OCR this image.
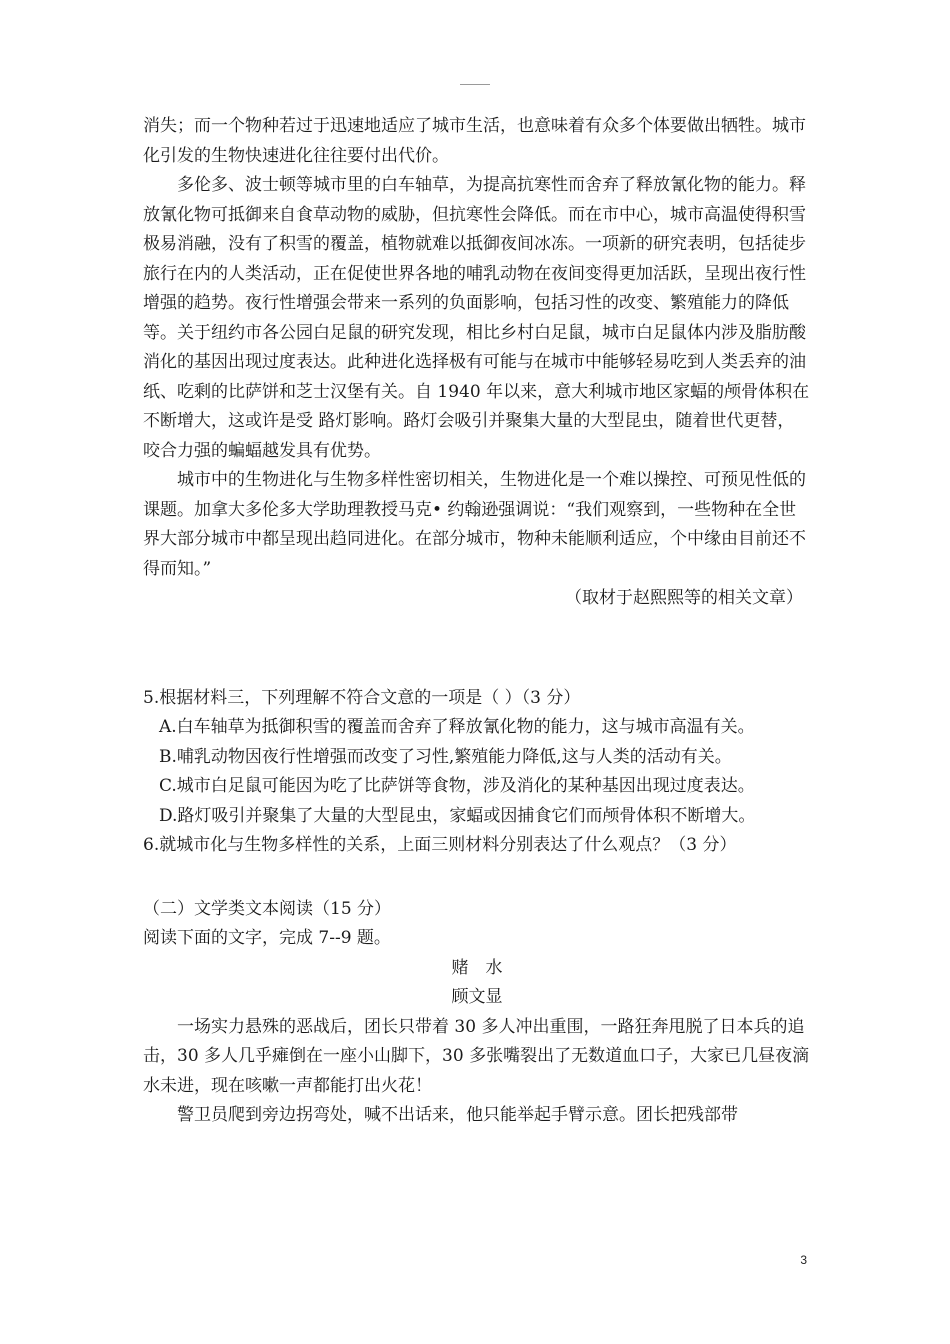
消失；而一个物种若过于迅速地适应了城市生活，也意味着有众多个体要做出牺牲。城市化引发的生物快速进化往往要付出代价。

多伦多、波士顿等城市里的白车轴草，为提高抗寒性而舍弃了释放氰化物的能力。释放氰化物可抵御来自食草动物的威胁，但抗寒性会降低。而在市中心，城市高温使得积雪极易消融，没有了积雪的覆盖，植物就难以抵御夜间冰冻。一项新的研究表明，包括徒步旅行在内的人类活动，正在促使世界各地的哺乳动物在夜间变得更加活跃，呈现出夜行性增强的趋势。夜行性增强会带来一系列的负面影响，包括习性的改变、繁殖能力的降低等。关于纽约市各公园白足鼠的研究发现，相比乡村白足鼠，城市白足鼠体内涉及脂肪酸消化的基因出现过度表达。此种进化选择极有可能与在城市中能够轻易吃到人类丢弃的油纸、吃剩的比萨饼和芝士汉堡有关。自 1940 年以来，意大利城市地区家蝠的颅骨体积在不断增大，这或许是受 路灯影响。路灯会吸引并聚集大量的大型昆虫，随着世代更替，咬合力强的蝙蝠越发具有优势。

城市中的生物进化与生物多样性密切相关，生物进化是一个难以操控、可预见性低的课题。加拿大多伦多大学助理教授马克• 约翰逊强调说：“我们观察到，一些物种在全世界大部分城市中都呈现出趋同进化。在部分城市，物种未能顺利适应，个中缘由目前还不得而知。”

（取材于赵熙熙等的相关文章）

5.根据材料三，下列理解不符合文意的一项是（ ）（3 分）

A.白车轴草为抵御积雪的覆盖而舍弃了释放氰化物的能力，这与城市高温有关。

B.哺乳动物因夜行性增强而改变了习性,繁殖能力降低,这与人类的活动有关。

C.城市白足鼠可能因为吃了比萨饼等食物，涉及消化的某种基因出现过度表达。

D.路灯吸引并聚集了大量的大型昆虫，家蝠或因捕食它们而颅骨体积不断增大。

6.就城市化与生物多样性的关系，上面三则材料分别表达了什么观点？（3 分）

（二）文学类文本阅读（15 分）

阅读下面的文字，完成 7--9 题。

赌　水

顾文显

一场实力悬殊的恶战后，团长只带着 30 多人冲出重围，一路狂奔甩脱了日本兵的追击，30 多人几乎瘫倒在一座小山脚下，30 多张嘴裂出了无数道血口子，大家已几昼夜滴水未进，现在咳嗽一声都能打出火花！

警卫员爬到旁边拐弯处，喊不出话来，他只能举起手臂示意。团长把残部带

3
